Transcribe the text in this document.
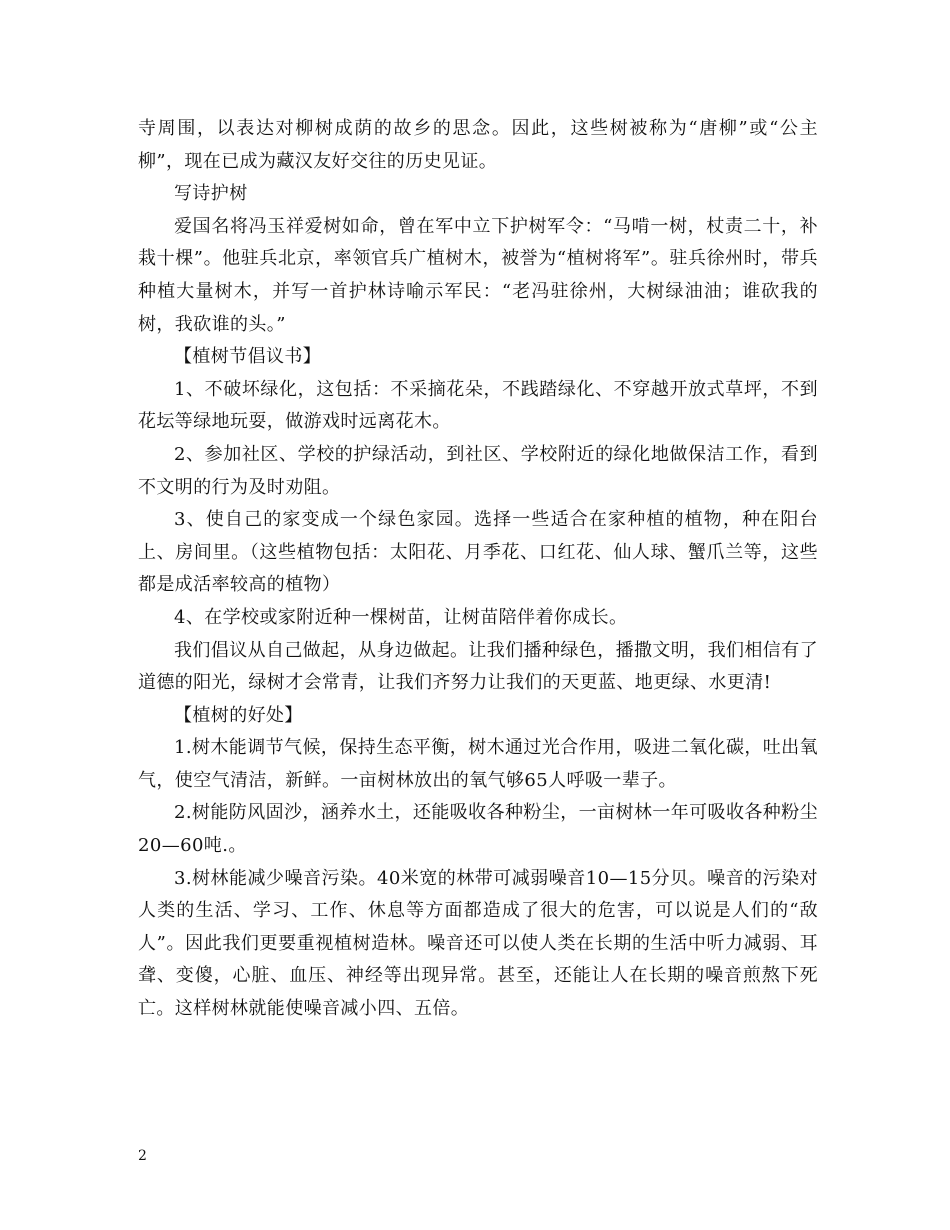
寺周围，以表达对柳树成荫的故乡的思念。因此，这些树被称为“唐柳”或“公主柳”，现在已成为藏汉友好交往的历史见证。

写诗护树

爱国名将冯玉祥爱树如命，曾在军中立下护树军令：“马啃一树，杖责二十，补栽十棵”。他驻兵北京，率领官兵广植树木，被誉为“植树将军”。驻兵徐州时，带兵种植大量树木，并写一首护林诗喻示军民：“老冯驻徐州，大树绿油油；谁砍我的树，我砍谁的头。”

【植树节倡议书】

1、不破坏绿化，这包括：不采摘花朵，不践踏绿化、不穿越开放式草坪，不到花坛等绿地玩耍，做游戏时远离花木。

2、参加社区、学校的护绿活动，到社区、学校附近的绿化地做保洁工作，看到不文明的行为及时劝阻。

3、使自己的家变成一个绿色家园。选择一些适合在家种植的植物，种在阳台上、房间里。（这些植物包括：太阳花、月季花、口红花、仙人球、蟹爪兰等，这些都是成活率较高的植物）

4、在学校或家附近种一棵树苗，让树苗陪伴着你成长。

我们倡议从自己做起，从身边做起。让我们播种绿色，播撒文明，我们相信有了道德的阳光，绿树才会常青，让我们齐努力让我们的天更蓝、地更绿、水更清!

【植树的好处】

1.树木能调节气候，保持生态平衡，树木通过光合作用，吸进二氧化碳，吐出氧气，使空气清洁，新鲜。一亩树林放出的氧气够65人呼吸一辈子。

2.树能防风固沙，涵养水土，还能吸收各种粉尘，一亩树林一年可吸收各种粉尘20—60吨.。

3.树林能减少噪音污染。40米宽的林带可减弱噪音10—15分贝。噪音的污染对人类的生活、学习、工作、休息等方面都造成了很大的危害，可以说是人们的“敌人”。因此我们更要重视植树造林。噪音还可以使人类在长期的生活中听力减弱、耳聋、变傻，心脏、血压、神经等出现异常。甚至，还能让人在长期的噪音煎熬下死亡。这样树林就能使噪音减小四、五倍。

2
